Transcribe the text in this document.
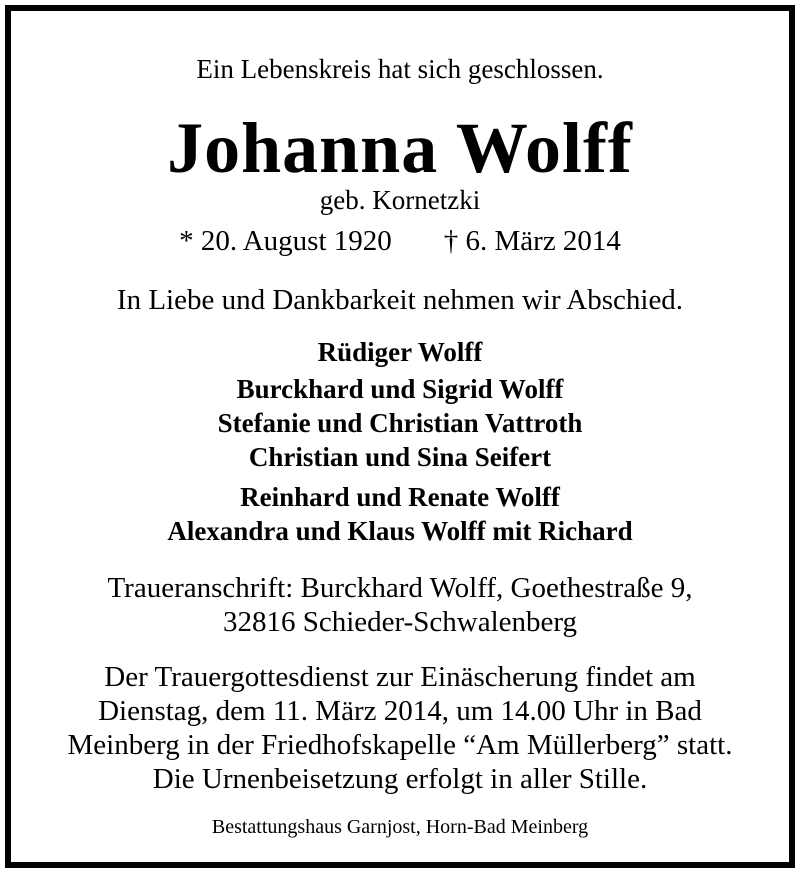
Ein Lebenskreis hat sich geschlossen.
Johanna Wolff
geb. Kornetzki
* 20. August 1920 † 6. März 2014
In Liebe und Dankbarkeit nehmen wir Abschied.
Rüdiger Wolff
Burckhard und Sigrid Wolff
Stefanie und Christian Vattroth
Christian und Sina Seifert
Reinhard und Renate Wolff
Alexandra und Klaus Wolff mit Richard
Traueranschrift: Burckhard Wolff, Goethestraße 9,
32816 Schieder-Schwalenberg
Der Trauergottesdienst zur Einäscherung findet am
Dienstag, dem 11. März 2014, um 14.00 Uhr in Bad
Meinberg in der Friedhofskapelle “Am Müllerberg” statt.
Die Urnenbeisetzung erfolgt in aller Stille.
Bestattungshaus Garnjost, Horn-Bad Meinberg
